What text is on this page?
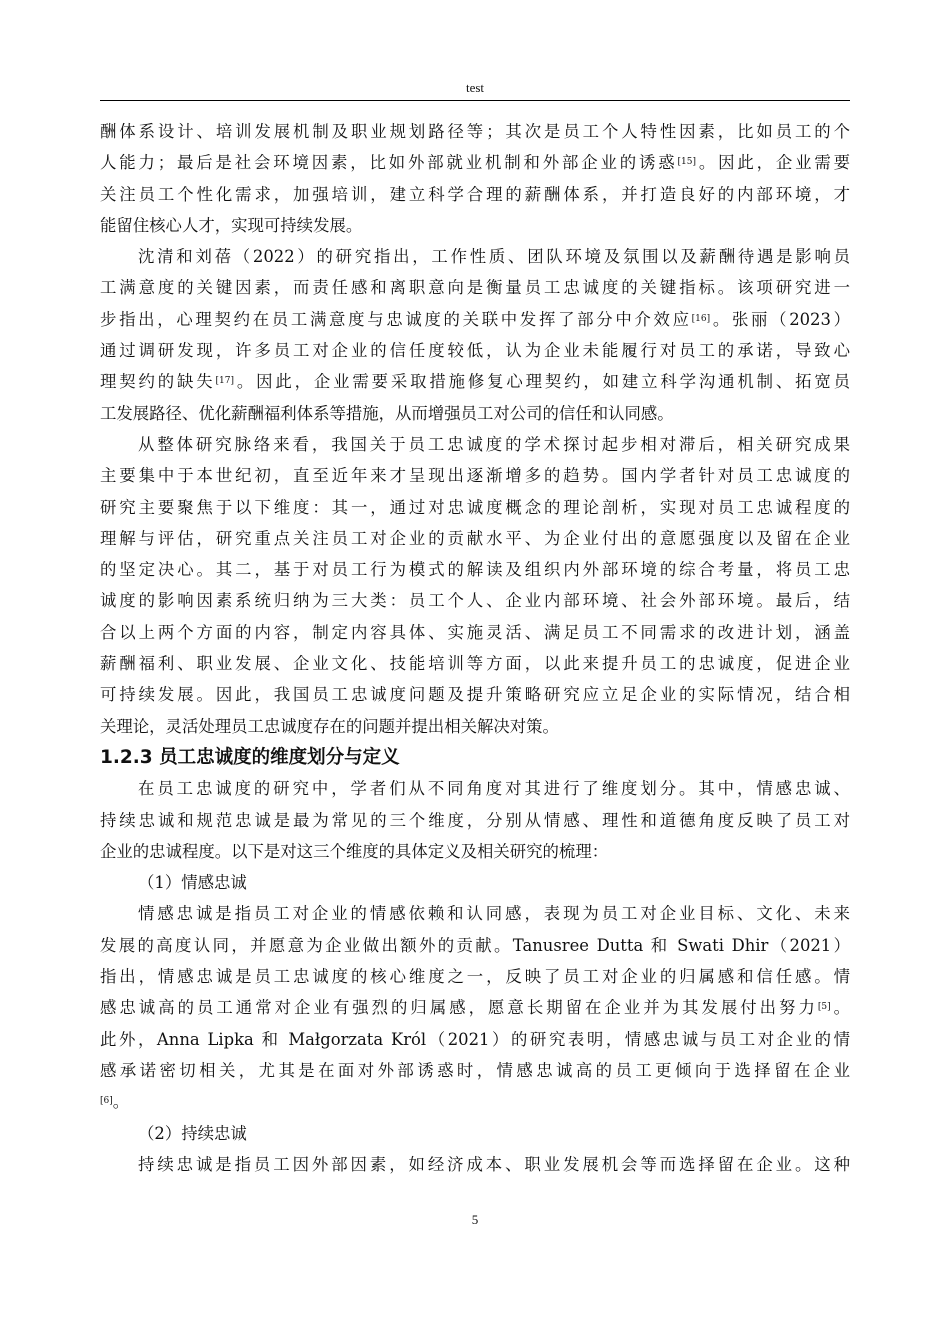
test
酬体系设计、培训发展机制及职业规划路径等；其次是员工个人特性因素，比如员工的个
人能力；最后是社会环境因素，比如外部就业机制和外部企业的诱惑[15]。因此，企业需要
关注员工个性化需求，加强培训，建立科学合理的薪酬体系，并打造良好的内部环境，才
能留住核心人才，实现可持续发展。
沈清和刘蓓（2022）的研究指出，工作性质、团队环境及氛围以及薪酬待遇是影响员
工满意度的关键因素，而责任感和离职意向是衡量员工忠诚度的关键指标。该项研究进一
步指出，心理契约在员工满意度与忠诚度的关联中发挥了部分中介效应[16]。张丽（2023）
通过调研发现，许多员工对企业的信任度较低，认为企业未能履行对员工的承诺，导致心
理契约的缺失[17]。因此，企业需要采取措施修复心理契约，如建立科学沟通机制、拓宽员
工发展路径、优化薪酬福利体系等措施，从而增强员工对公司的信任和认同感。
从整体研究脉络来看，我国关于员工忠诚度的学术探讨起步相对滞后，相关研究成果
主要集中于本世纪初，直至近年来才呈现出逐渐增多的趋势。国内学者针对员工忠诚度的
研究主要聚焦于以下维度：其一，通过对忠诚度概念的理论剖析，实现对员工忠诚程度的
理解与评估，研究重点关注员工对企业的贡献水平、为企业付出的意愿强度以及留在企业
的坚定决心。其二，基于对员工行为模式的解读及组织内外部环境的综合考量，将员工忠
诚度的影响因素系统归纳为三大类：员工个人、企业内部环境、社会外部环境。最后，结
合以上两个方面的内容，制定内容具体、实施灵活、满足员工不同需求的改进计划，涵盖
薪酬福利、职业发展、企业文化、技能培训等方面，以此来提升员工的忠诚度，促进企业
可持续发展。因此，我国员工忠诚度问题及提升策略研究应立足企业的实际情况，结合相
关理论，灵活处理员工忠诚度存在的问题并提出相关解决对策。
1.2.3 员工忠诚度的维度划分与定义
在员工忠诚度的研究中，学者们从不同角度对其进行了维度划分。其中，情感忠诚、
持续忠诚和规范忠诚是最为常见的三个维度，分别从情感、理性和道德角度反映了员工对
企业的忠诚程度。以下是对这三个维度的具体定义及相关研究的梳理：
（1）情感忠诚
情感忠诚是指员工对企业的情感依赖和认同感，表现为员工对企业目标、文化、未来
发展的高度认同，并愿意为企业做出额外的贡献。Tanusree Dutta 和 Swati Dhir（2021）
指出，情感忠诚是员工忠诚度的核心维度之一，反映了员工对企业的归属感和信任感。情
感忠诚高的员工通常对企业有强烈的归属感，愿意长期留在企业并为其发展付出努力[5]。
此外，Anna Lipka 和 Małgorzata Król（2021）的研究表明，情感忠诚与员工对企业的情
感承诺密切相关，尤其是在面对外部诱惑时，情感忠诚高的员工更倾向于选择留在企业
[6]。
（2）持续忠诚
持续忠诚是指员工因外部因素，如经济成本、职业发展机会等而选择留在企业。这种
5
